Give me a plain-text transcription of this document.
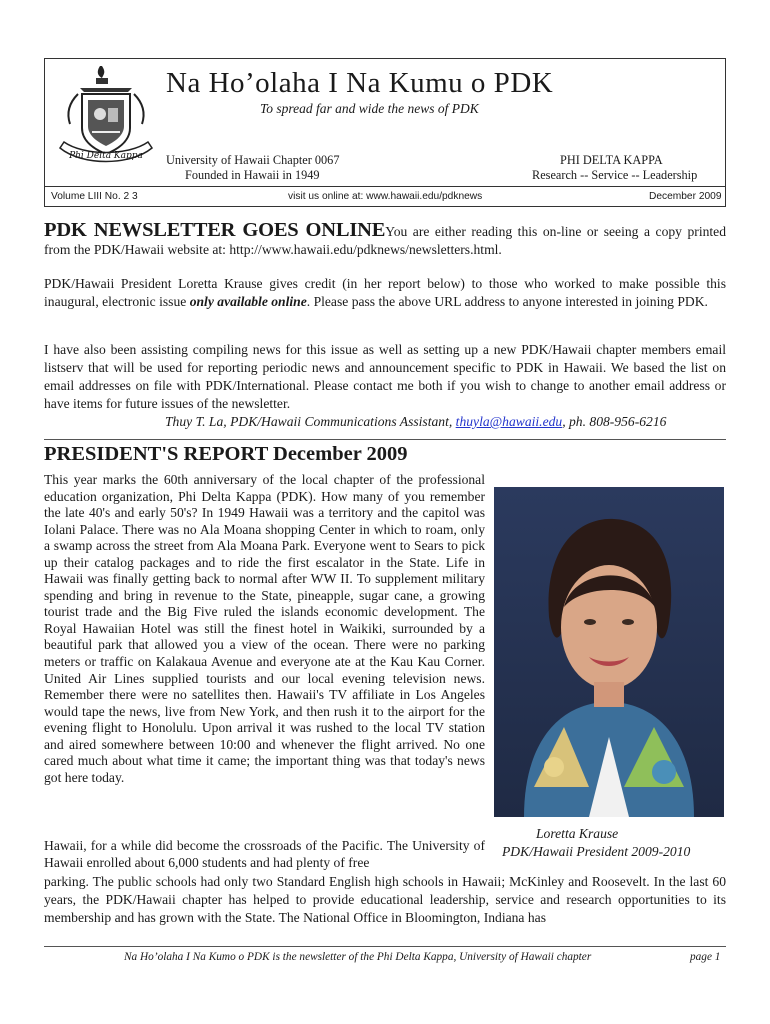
Phi Delta Kappa
Na Ho’olaha I Na Kumu o PDK
To spread far and wide the news of PDK
University of Hawaii Chapter 0067
Founded in Hawaii in 1949
PHI DELTA KAPPA
Research -- Service -- Leadership
Volume LIII No. 2 3	visit us online at: www.hawaii.edu/pdknews	December 2009
PDK NEWSLETTER GOES ONLINEYou are either reading this on-line or seeing a copy printed from the PDK/Hawaii website at: http://www.hawaii.edu/pdknews/newsletters.html.
PDK/Hawaii President Loretta Krause gives credit (in her report below) to those who worked to make possible this inaugural, electronic issue only available online. Please pass the above URL address to anyone interested in joining PDK.
I have also been assisting compiling news for this issue as well as setting up a new PDK/Hawaii chapter members email listserv that will be used for reporting periodic news and announcement specific to PDK in Hawaii. We based the list on email addresses on file with PDK/International. Please contact me both if you wish to change to another email address or have items for future issues of the newsletter.
Thuy T. La, PDK/Hawaii Communications Assistant, thuyla@hawaii.edu, ph. 808-956-6216
PRESIDENT'S REPORT December 2009
This year marks the 60th anniversary of the local chapter of the professional education organization, Phi Delta Kappa (PDK). How many of you remember the late 40's and early 50's? In 1949 Hawaii was a territory and the capitol was Iolani Palace. There was no Ala Moana shopping Center in which to roam, only a swamp across the street from Ala Moana Park. Everyone went to Sears to pick up their catalog packages and to ride the first escalator in the State. Life in Hawaii was finally getting back to normal after WW II. To supplement military spending and bring in revenue to the State, pineapple, sugar cane, a growing tourist trade and the Big Five ruled the islands economic development. The Royal Hawaiian Hotel was still the finest hotel in Waikiki, surrounded by a beautiful park that allowed you a view of the ocean. There were no parking meters or traffic on Kalakaua Avenue and everyone ate at the Kau Kau Corner. United Air Lines supplied tourists and our local evening television news. Remember there were no satellites then. Hawaii's TV affiliate in Los Angeles would tape the news, live from New York, and then rush it to the airport for the evening flight to Honolulu. Upon arrival it was rushed to the local TV station and aired somewhere between 10:00 and whenever the flight arrived. No one cared much about what time it came; the important thing was that today's news got here today.
Hawaii, for a while did become the crossroads of the Pacific. The University of Hawaii enrolled about 6,000 students and had plenty of free
parking. The public schools had only two Standard English high schools in Hawaii; McKinley and Roosevelt. In the last 60 years, the PDK/Hawaii chapter has helped to provide educational leadership, service and research opportunities to its membership and has grown with the State. The National Office in Bloomington, Indiana has
Loretta Krause
PDK/Hawaii President 2009-2010
Na Ho’olaha I Na Kumo o PDK is the newsletter of the Phi Delta Kappa, University of Hawaii chapter	page 1
